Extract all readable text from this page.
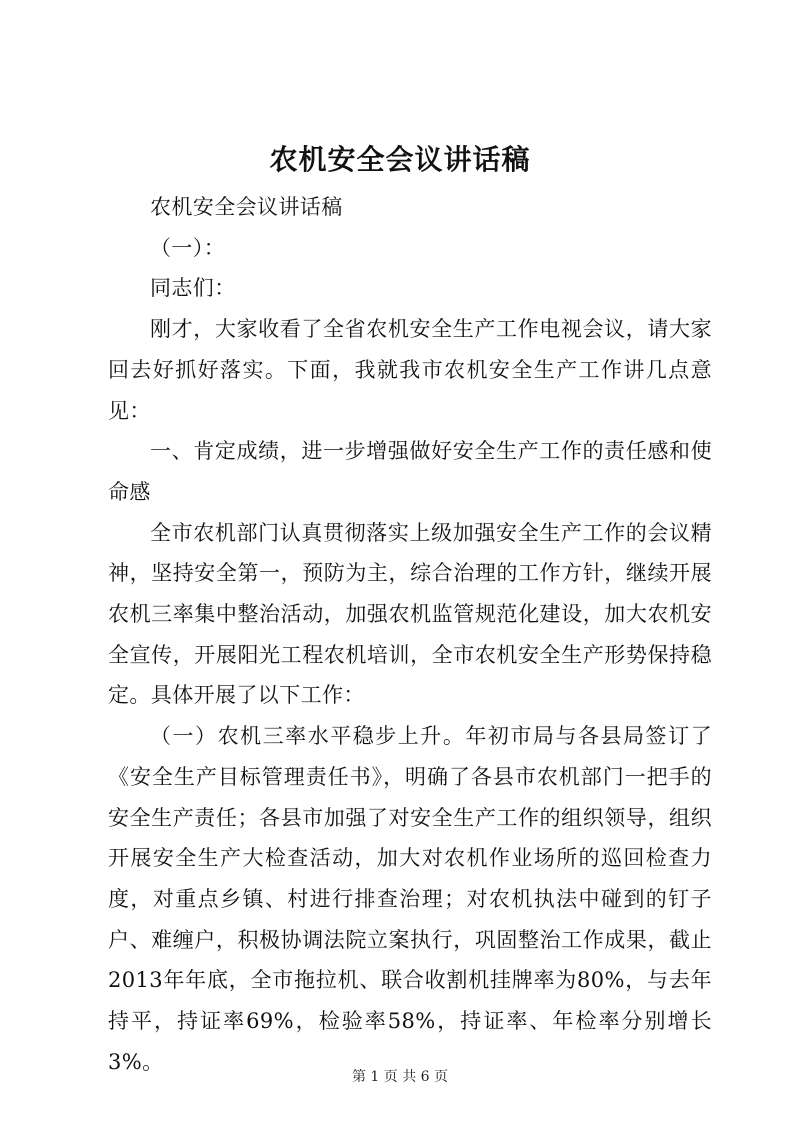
农机安全会议讲话稿

农机安全会议讲话稿

（一）：

同志们：

刚才，大家收看了全省农机安全生产工作电视会议，请大家回去好抓好落实。下面，我就我市农机安全生产工作讲几点意见：

一、肯定成绩，进一步增强做好安全生产工作的责任感和使命感

全市农机部门认真贯彻落实上级加强安全生产工作的会议精神，坚持安全第一，预防为主，综合治理的工作方针，继续开展农机三率集中整治活动，加强农机监管规范化建设，加大农机安全宣传，开展阳光工程农机培训，全市农机安全生产形势保持稳定。具体开展了以下工作：

（一）农机三率水平稳步上升。年初市局与各县局签订了《安全生产目标管理责任书》，明确了各县市农机部门一把手的安全生产责任；各县市加强了对安全生产工作的组织领导，组织开展安全生产大检查活动，加大对农机作业场所的巡回检查力度，对重点乡镇、村进行排查治理；对农机执法中碰到的钉子户、难缠户，积极协调法院立案执行，巩固整治工作成果，截止2013年年底，全市拖拉机、联合收割机挂牌率为80%，与去年持平，持证率69%，检验率58%，持证率、年检率分别增长3%。

第 1 页 共 6 页
